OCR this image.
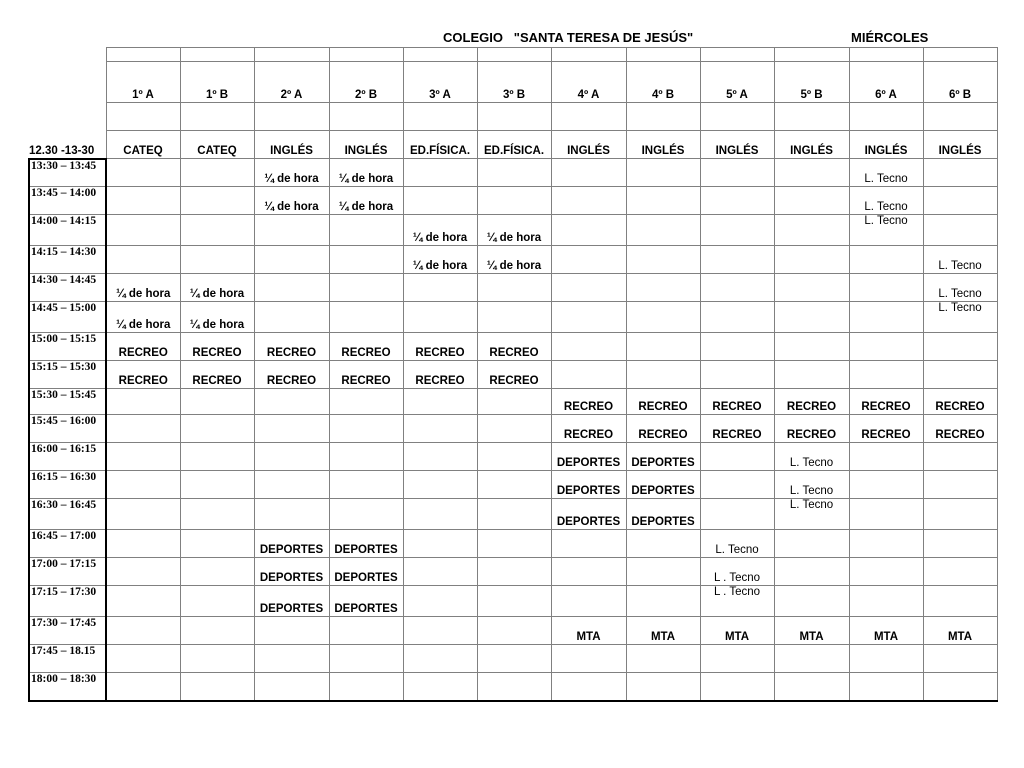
COLEGIO   "SANTA TERESA DE JESÚS"	MIÉRCOLES

	1º A	1º B	2º A	2º B	3º A	3º B	4º A	4º B	5º A	5º B	6º A	6º B

12.30 -13-30	CATEQ	CATEQ	INGLÉS	INGLÉS	ED.FÍSICA.	ED.FÍSICA.	INGLÉS	INGLÉS	INGLÉS	INGLÉS	INGLÉS	INGLÉS
13:30 – 13:45			¼ de hora	¼ de hora							L. Tecno	
13:45 – 14:00			¼ de hora	¼ de hora							L. Tecno	
14:00 – 14:15					¼ de hora	¼ de hora					L. Tecno	
14:15 – 14:30					¼ de hora	¼ de hora						L. Tecno
14:30 – 14:45	¼ de hora	¼ de hora										L. Tecno
14:45 – 15:00	¼ de hora	¼ de hora										L. Tecno
15:00 – 15:15	RECREO	RECREO	RECREO	RECREO	RECREO	RECREO						
15:15 – 15:30	RECREO	RECREO	RECREO	RECREO	RECREO	RECREO						
15:30 – 15:45							RECREO	RECREO	RECREO	RECREO	RECREO	RECREO
15:45 – 16:00							RECREO	RECREO	RECREO	RECREO	RECREO	RECREO
16:00 – 16:15							DEPORTES	DEPORTES		L. Tecno		
16:15 – 16:30							DEPORTES	DEPORTES		L. Tecno		
16:30 – 16:45							DEPORTES	DEPORTES		L. Tecno		
16:45 – 17:00			DEPORTES	DEPORTES					L. Tecno			
17:00 – 17:15			DEPORTES	DEPORTES					L . Tecno			
17:15 – 17:30			DEPORTES	DEPORTES					L . Tecno			
17:30 – 17:45							MTA	MTA	MTA	MTA	MTA	MTA
17:45 – 18.15												
18:00 – 18:30												
